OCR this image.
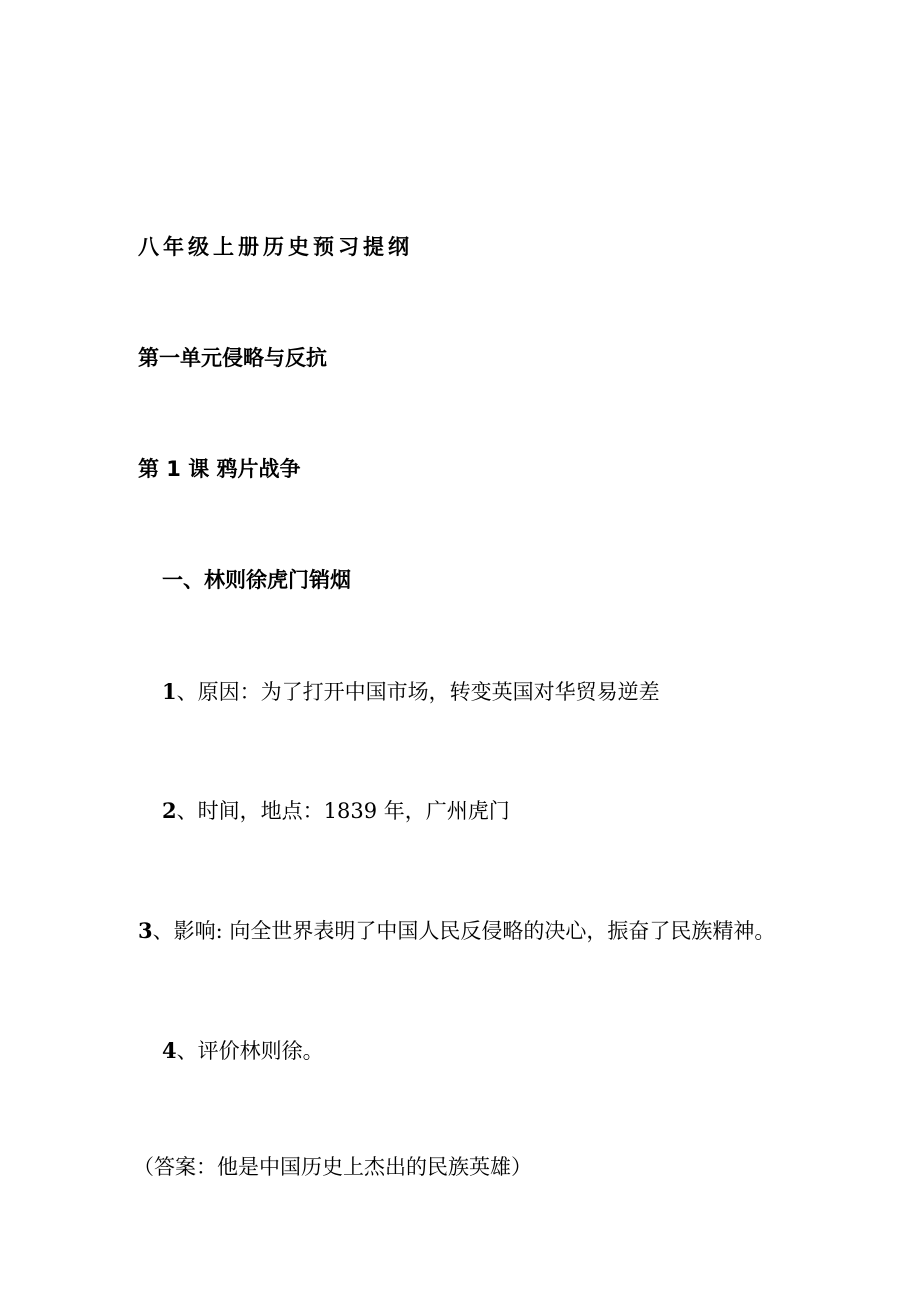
八年级上册历史预习提纲
第一单元侵略与反抗
第 1 课 鸦片战争
一、林则徐虎门销烟
1、原因：为了打开中国市场，转变英国对华贸易逆差
2、时间，地点：1839 年，广州虎门
3、影响: 向全世界表明了中国人民反侵略的决心，振奋了民族精神。
4、评价林则徐。
（答案：他是中国历史上杰出的民族英雄）
